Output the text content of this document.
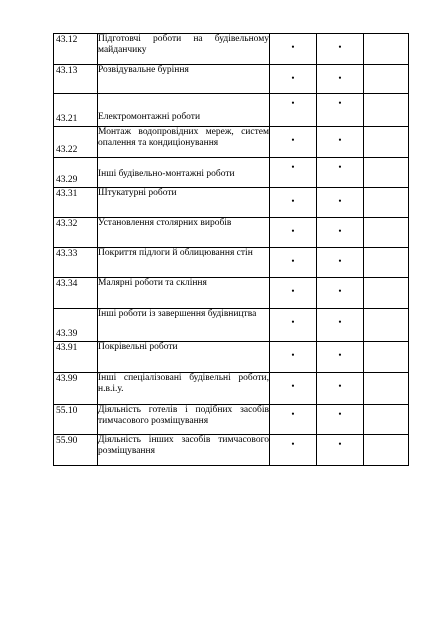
43.12	Підготовчі роботи на будівельному майданчику	•	•	

43.13	Розвідувальне буріння	•	•	

43.21	Електромонтажні роботи	•	•	

43.22	Монтаж водопровідних мереж, систем опалення та кондиціонування	•	•	

43.29	Інші будівельно-монтажні роботи	•	•	

43.31	Штукатурні роботи	•	•	

43.32	Установлення столярних виробів	•	•	

43.33	Покриття підлоги й облицювання стін	•	•	

43.34	Малярні роботи та скління	•	•	

43.39	Інші роботи із завершення будівництва	•	•	

43.91	Покрівельні роботи	•	•	

43.99	Інші спеціалізовані будівельні роботи, н.в.і.у.	•	•	

55.10	Діяльність готелів і подібних засобів тимчасового розміщування	•	•	

55.90	Діяльність інших засобів тимчасового розміщування	•	•	
